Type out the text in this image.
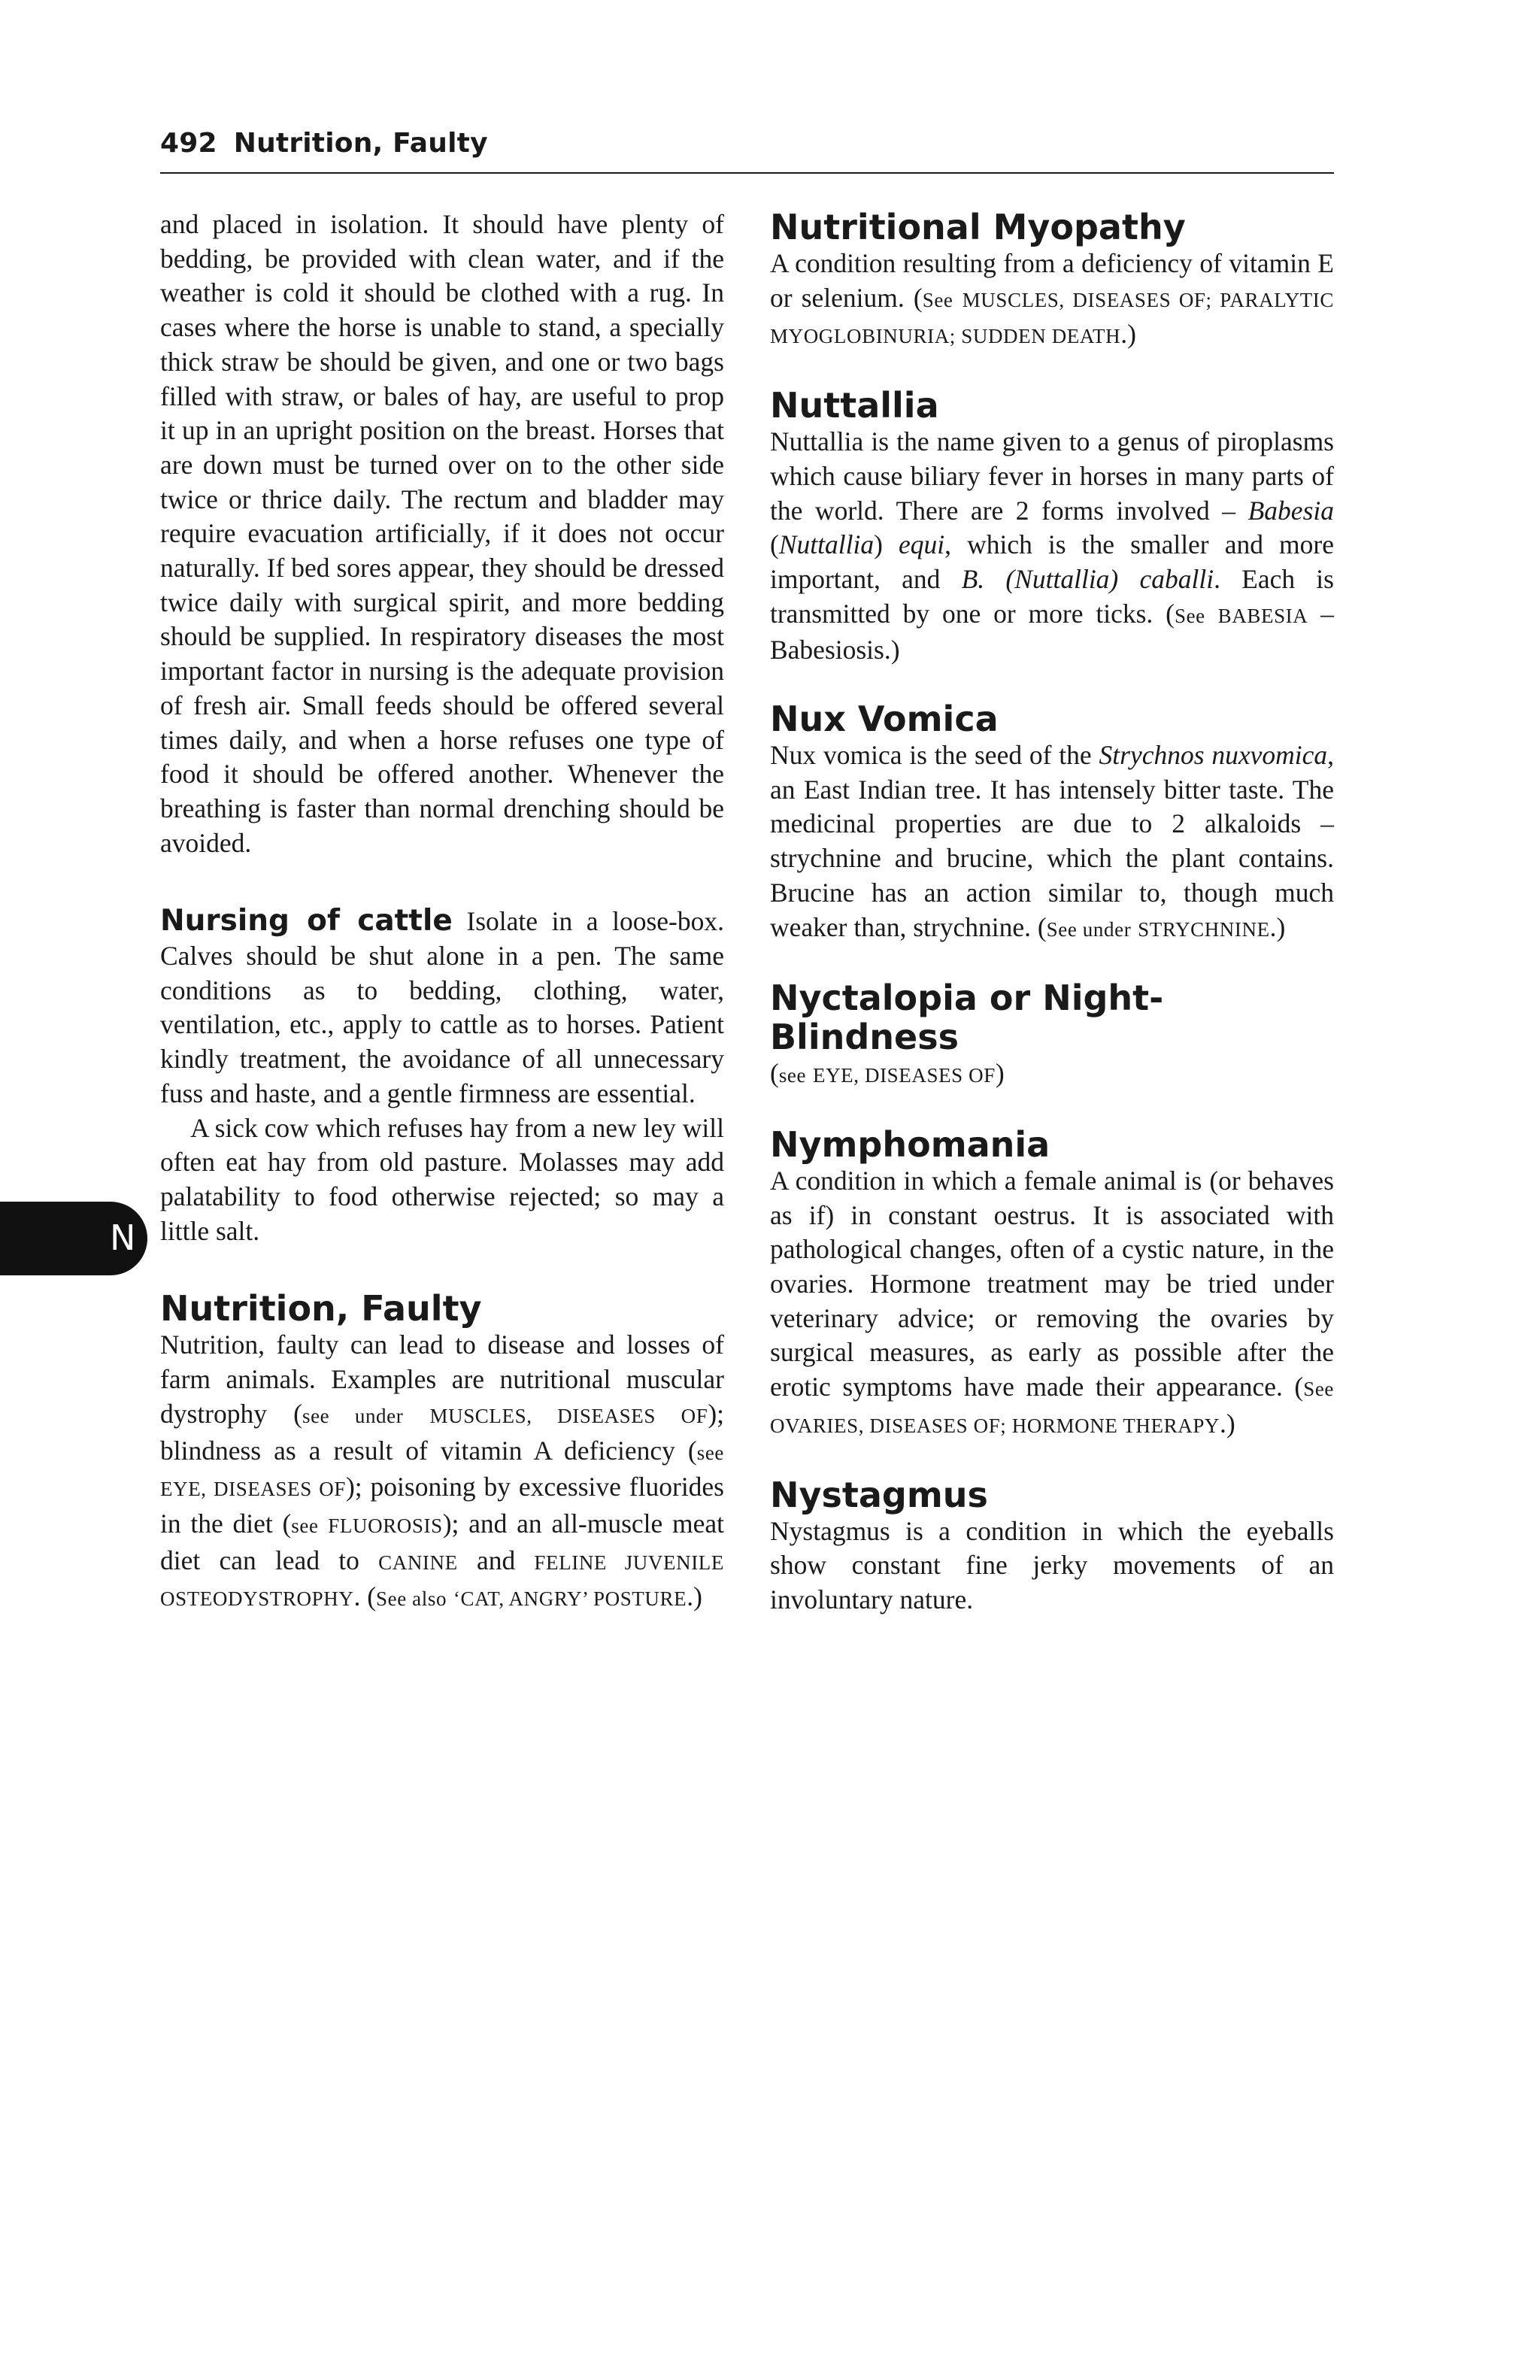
492 Nutrition, Faulty
N

and placed in isolation. It should have plenty of bedding, be provided with clean water, and if the weather is cold it should be clothed with a rug. In cases where the horse is unable to stand, a specially thick straw be should be given, and one or two bags filled with straw, or bales of hay, are useful to prop it up in an upright position on the breast. Horses that are down must be turned over on to the other side twice or thrice daily. The rectum and bladder may require evacuation artificially, if it does not occur naturally. If bed sores appear, they should be dressed twice daily with surgical spirit, and more bedding should be supplied. In respiratory diseases the most important factor in nursing is the adequate provision of fresh air. Small feeds should be offered several times daily, and when a horse refuses one type of food it should be offered another. Whenever the breathing is faster than normal drenching should be avoided.

Nursing of cattle Isolate in a loose-box. Calves should be shut alone in a pen. The same conditions as to bedding, clothing, water, ventilation, etc., apply to cattle as to horses. Patient kindly treatment, the avoidance of all unnecessary fuss and haste, and a gentle firmness are essential.

A sick cow which refuses hay from a new ley will often eat hay from old pasture. Molasses may add palatability to food otherwise rejected; so may a little salt.

Nutrition, Faulty

Nutrition, faulty can lead to disease and losses of farm animals. Examples are nutritional muscular dystrophy (see under MUSCLES, DISEASES OF); blindness as a result of vitamin A deficiency (see EYE, DISEASES OF); poisoning by excessive fluorides in the diet (see FLUOROSIS); and an all-muscle meat diet can lead to CANINE and FELINE JUVENILE OSTEODYSTROPHY. (See also ‘CAT, ANGRY’ POSTURE.)

Nutritional Myopathy

A condition resulting from a deficiency of vitamin E or selenium. (See MUSCLES, DISEASES OF; PARALYTIC MYOGLOBINURIA; SUDDEN DEATH.)

Nuttallia

Nuttallia is the name given to a genus of piroplasms which cause biliary fever in horses in many parts of the world. There are 2 forms involved – Babesia (Nuttallia) equi, which is the smaller and more important, and B. (Nuttallia) caballi. Each is transmitted by one or more ticks. (See BABESIA – Babesiosis.)

Nux Vomica

Nux vomica is the seed of the Strychnos nuxvomica, an East Indian tree. It has intensely bitter taste. The medicinal properties are due to 2 alkaloids – strychnine and brucine, which the plant contains. Brucine has an action similar to, though much weaker than, strychnine. (See under STRYCHNINE.)

Nyctalopia or Night-Blindness

(see EYE, DISEASES OF)

Nymphomania

A condition in which a female animal is (or behaves as if) in constant oestrus. It is associated with pathological changes, often of a cystic nature, in the ovaries. Hormone treatment may be tried under veterinary advice; or removing the ovaries by surgical measures, as early as possible after the erotic symptoms have made their appearance. (See OVARIES, DISEASES OF; HORMONE THERAPY.)

Nystagmus

Nystagmus is a condition in which the eyeballs show constant fine jerky movements of an involuntary nature.
